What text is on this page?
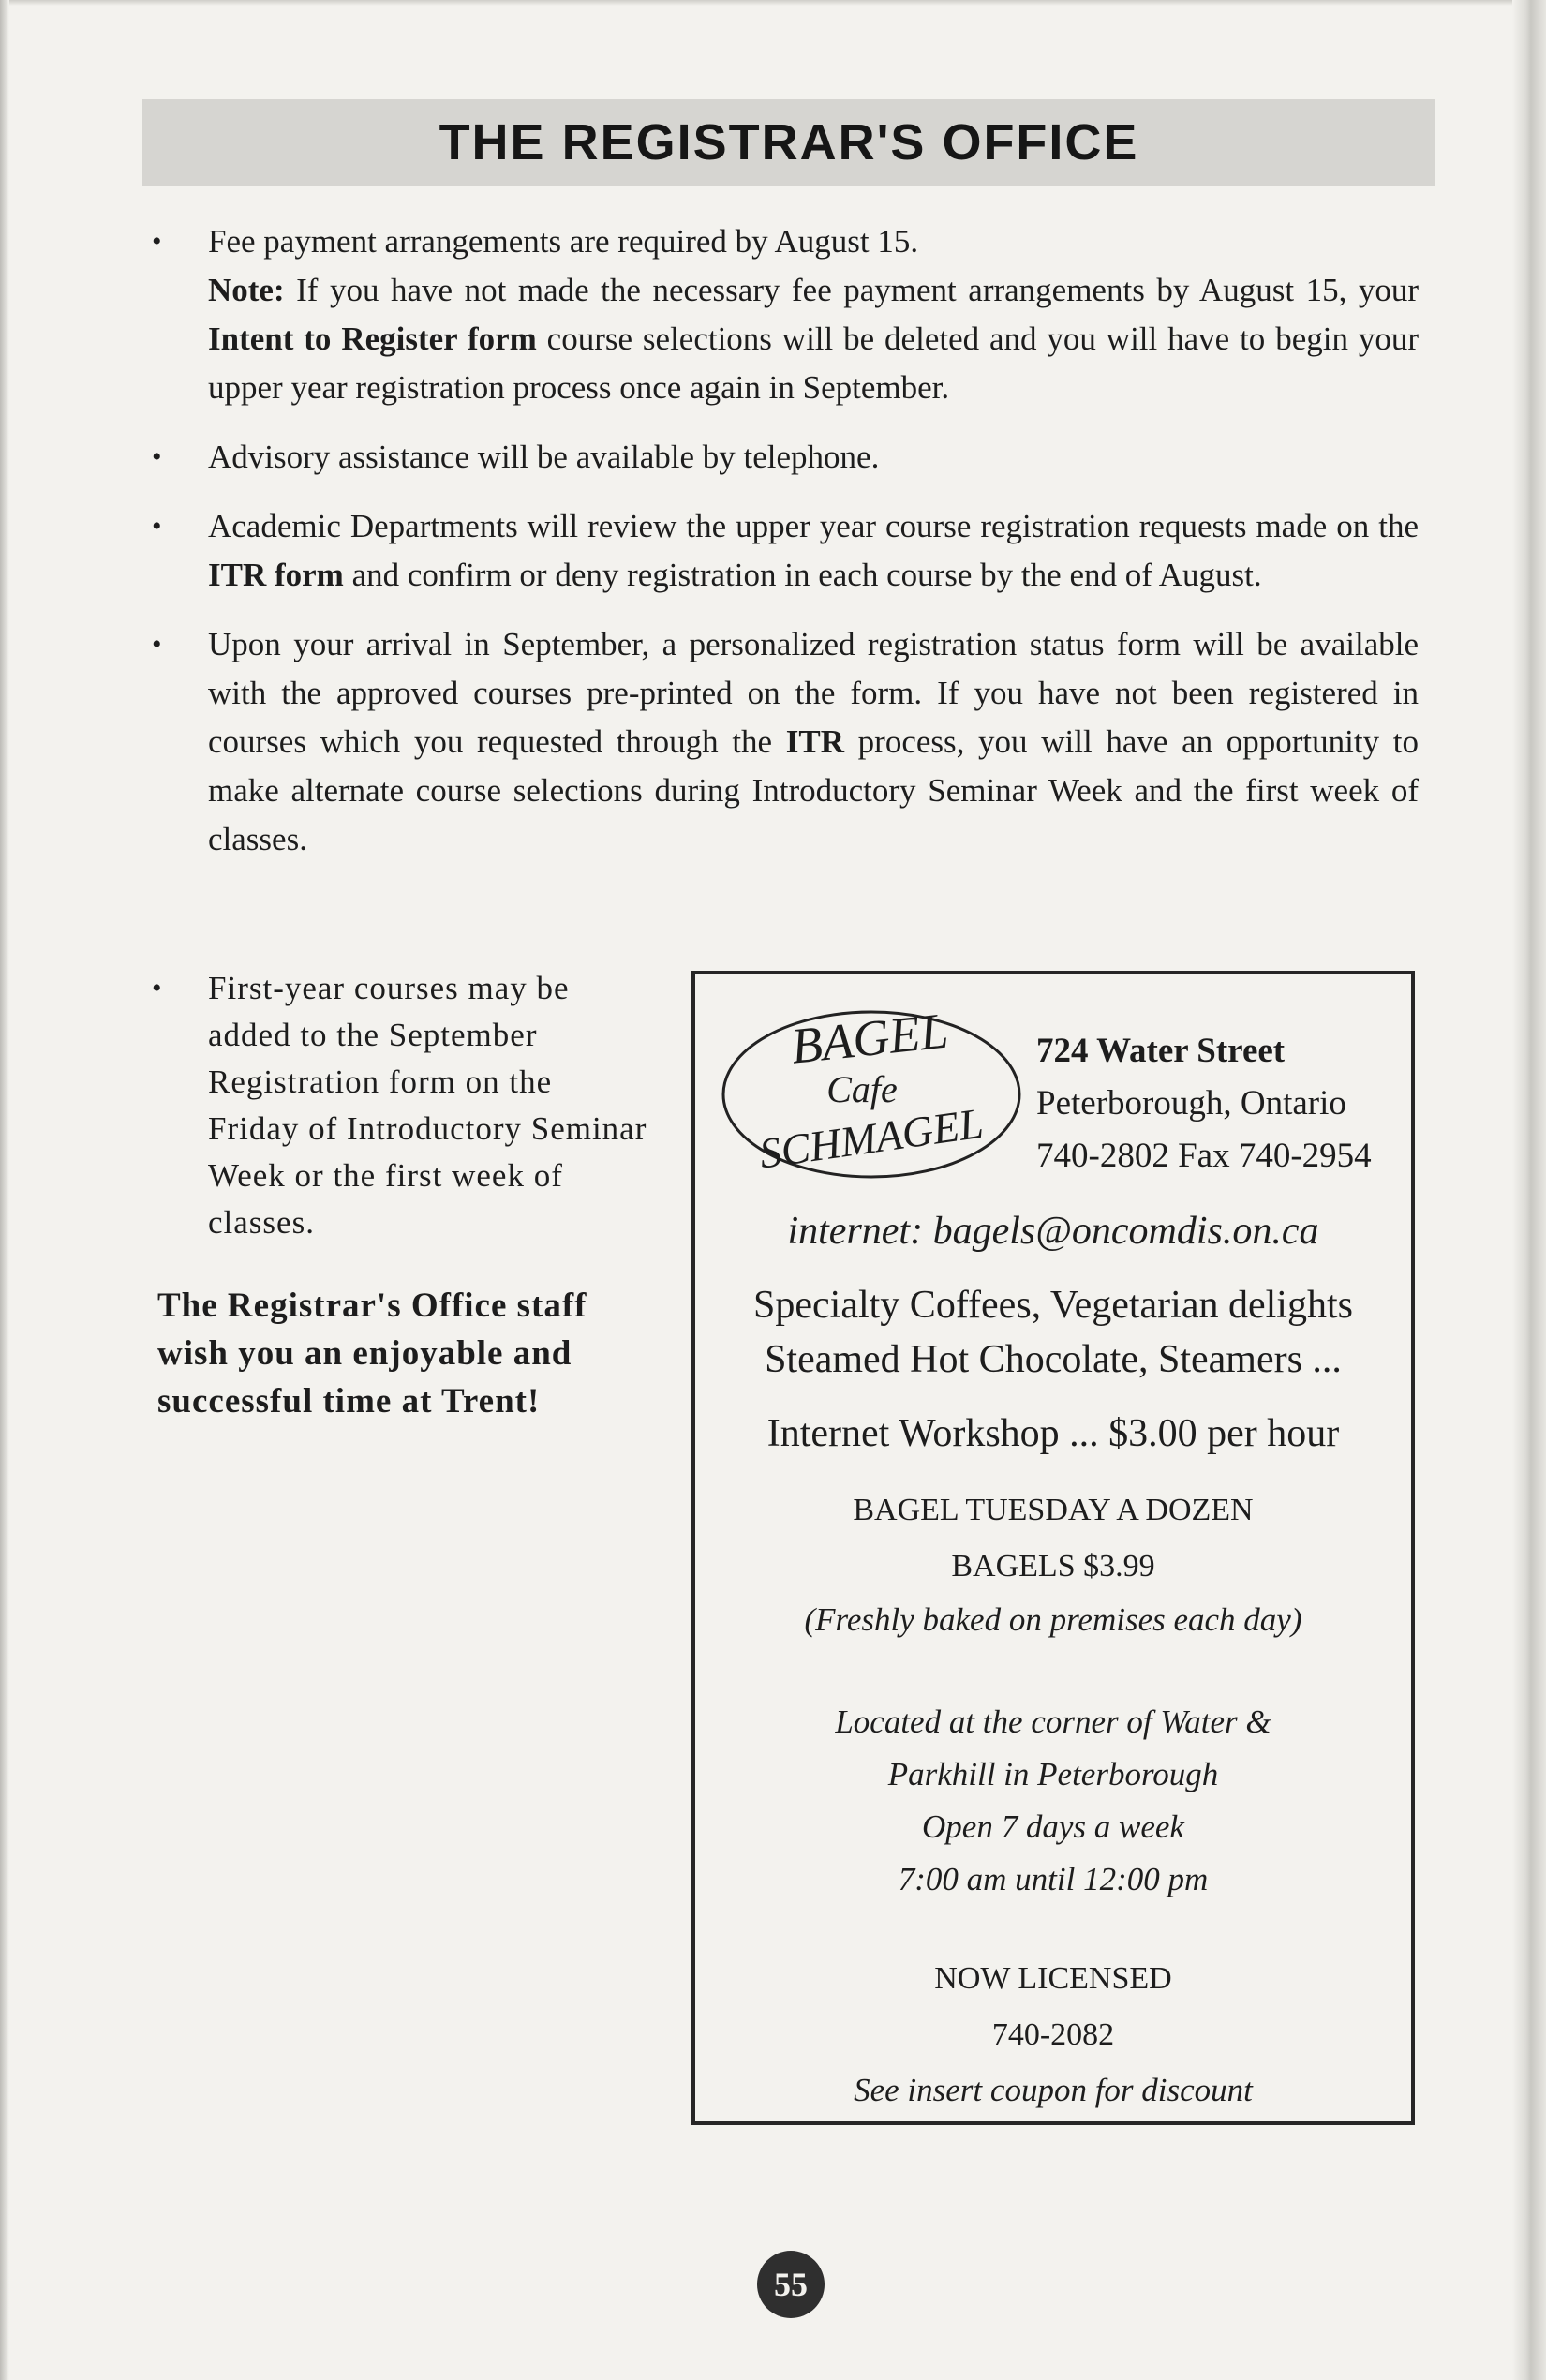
THE REGISTRAR'S OFFICE
• Fee payment arrangements are required by August 15.
Note: If you have not made the necessary fee payment arrangements by August 15, your Intent to Register form course selections will be deleted and you will have to begin your upper year registration process once again in September.
• Advisory assistance will be available by telephone.
• Academic Departments will review the upper year course registration requests made on the ITR form and confirm or deny registration in each course by the end of August.
• Upon your arrival in September, a personalized registration status form will be available with the approved courses pre-printed on the form. If you have not been registered in courses which you requested through the ITR process, you will have an opportunity to make alternate course selections during Introductory Seminar Week and the first week of classes.
• First-year courses may be added to the September Registration form on the Friday of Introductory Seminar Week or the first week of classes.
The Registrar's Office staff wish you an enjoyable and successful time at Trent!
BAGEL
Cafe
SCHMAGEL
724 Water Street
Peterborough, Ontario
740-2802 Fax 740-2954
internet: bagels@oncomdis.on.ca
Specialty Coffees, Vegetarian delights
Steamed Hot Chocolate, Steamers ...
Internet Workshop ... $3.00 per hour
BAGEL TUESDAY A DOZEN
BAGELS $3.99
(Freshly baked on premises each day)
Located at the corner of Water &
Parkhill in Peterborough
Open 7 days a week
7:00 am until 12:00 pm
NOW LICENSED
740-2082
See insert coupon for discount
55
